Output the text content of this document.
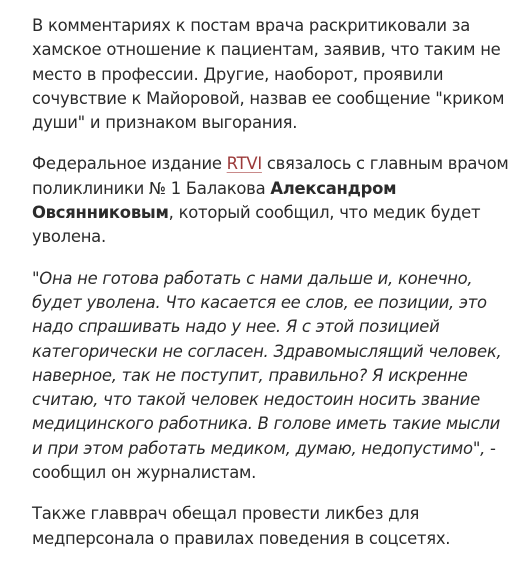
В комментариях к постам врача раскритиковали за хамское отношение к пациентам, заявив, что таким не место в профессии. Другие, наоборот, проявили сочувствие к Майоровой, назвав ее сообщение "криком души" и признаком выгорания.

Федеральное издание RTVI связалось с главным врачом поликлиники № 1 Балакова Александром Овсянниковым, который сообщил, что медик будет уволена.

"Она не готова работать с нами дальше и, конечно, будет уволена. Что касается ее слов, ее позиции, это надо спрашивать надо у нее. Я с этой позицией категорически не согласен. Здравомыслящий человек, наверное, так не поступит, правильно? Я искренне считаю, что такой человек недостоин носить звание медицинского работника. В голове иметь такие мысли и при этом работать медиком, думаю, недопустимо", - сообщил он журналистам.

Также главврач обещал провести ликбез для медперсонала о правилах поведения в соцсетях.
